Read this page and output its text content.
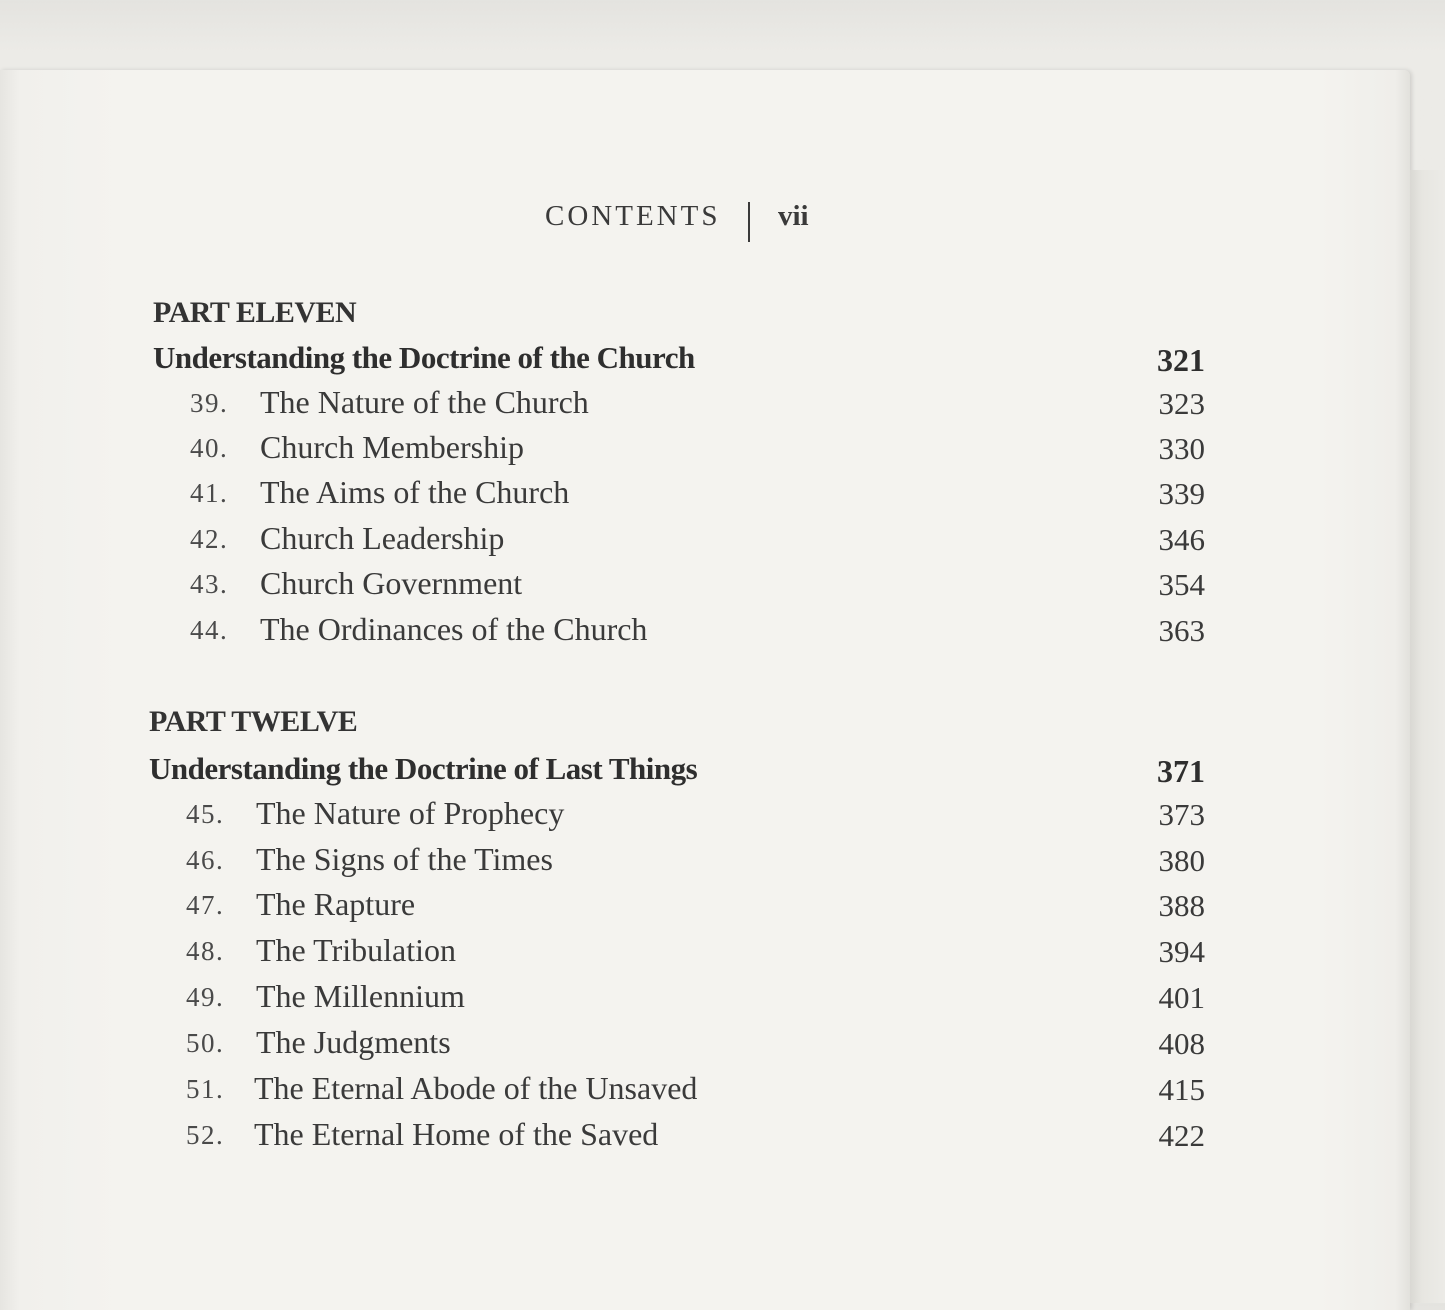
CONTENTS vii
PART ELEVEN
Understanding the Doctrine of the Church	321
39. The Nature of the Church	323
40. Church Membership	330
41. The Aims of the Church	339
42. Church Leadership	346
43. Church Government	354
44. The Ordinances of the Church	363
PART TWELVE
Understanding the Doctrine of Last Things	371
45. The Nature of Prophecy	373
46. The Signs of the Times	380
47. The Rapture	388
48. The Tribulation	394
49. The Millennium	401
50. The Judgments	408
51. The Eternal Abode of the Unsaved	415
52. The Eternal Home of the Saved	422
